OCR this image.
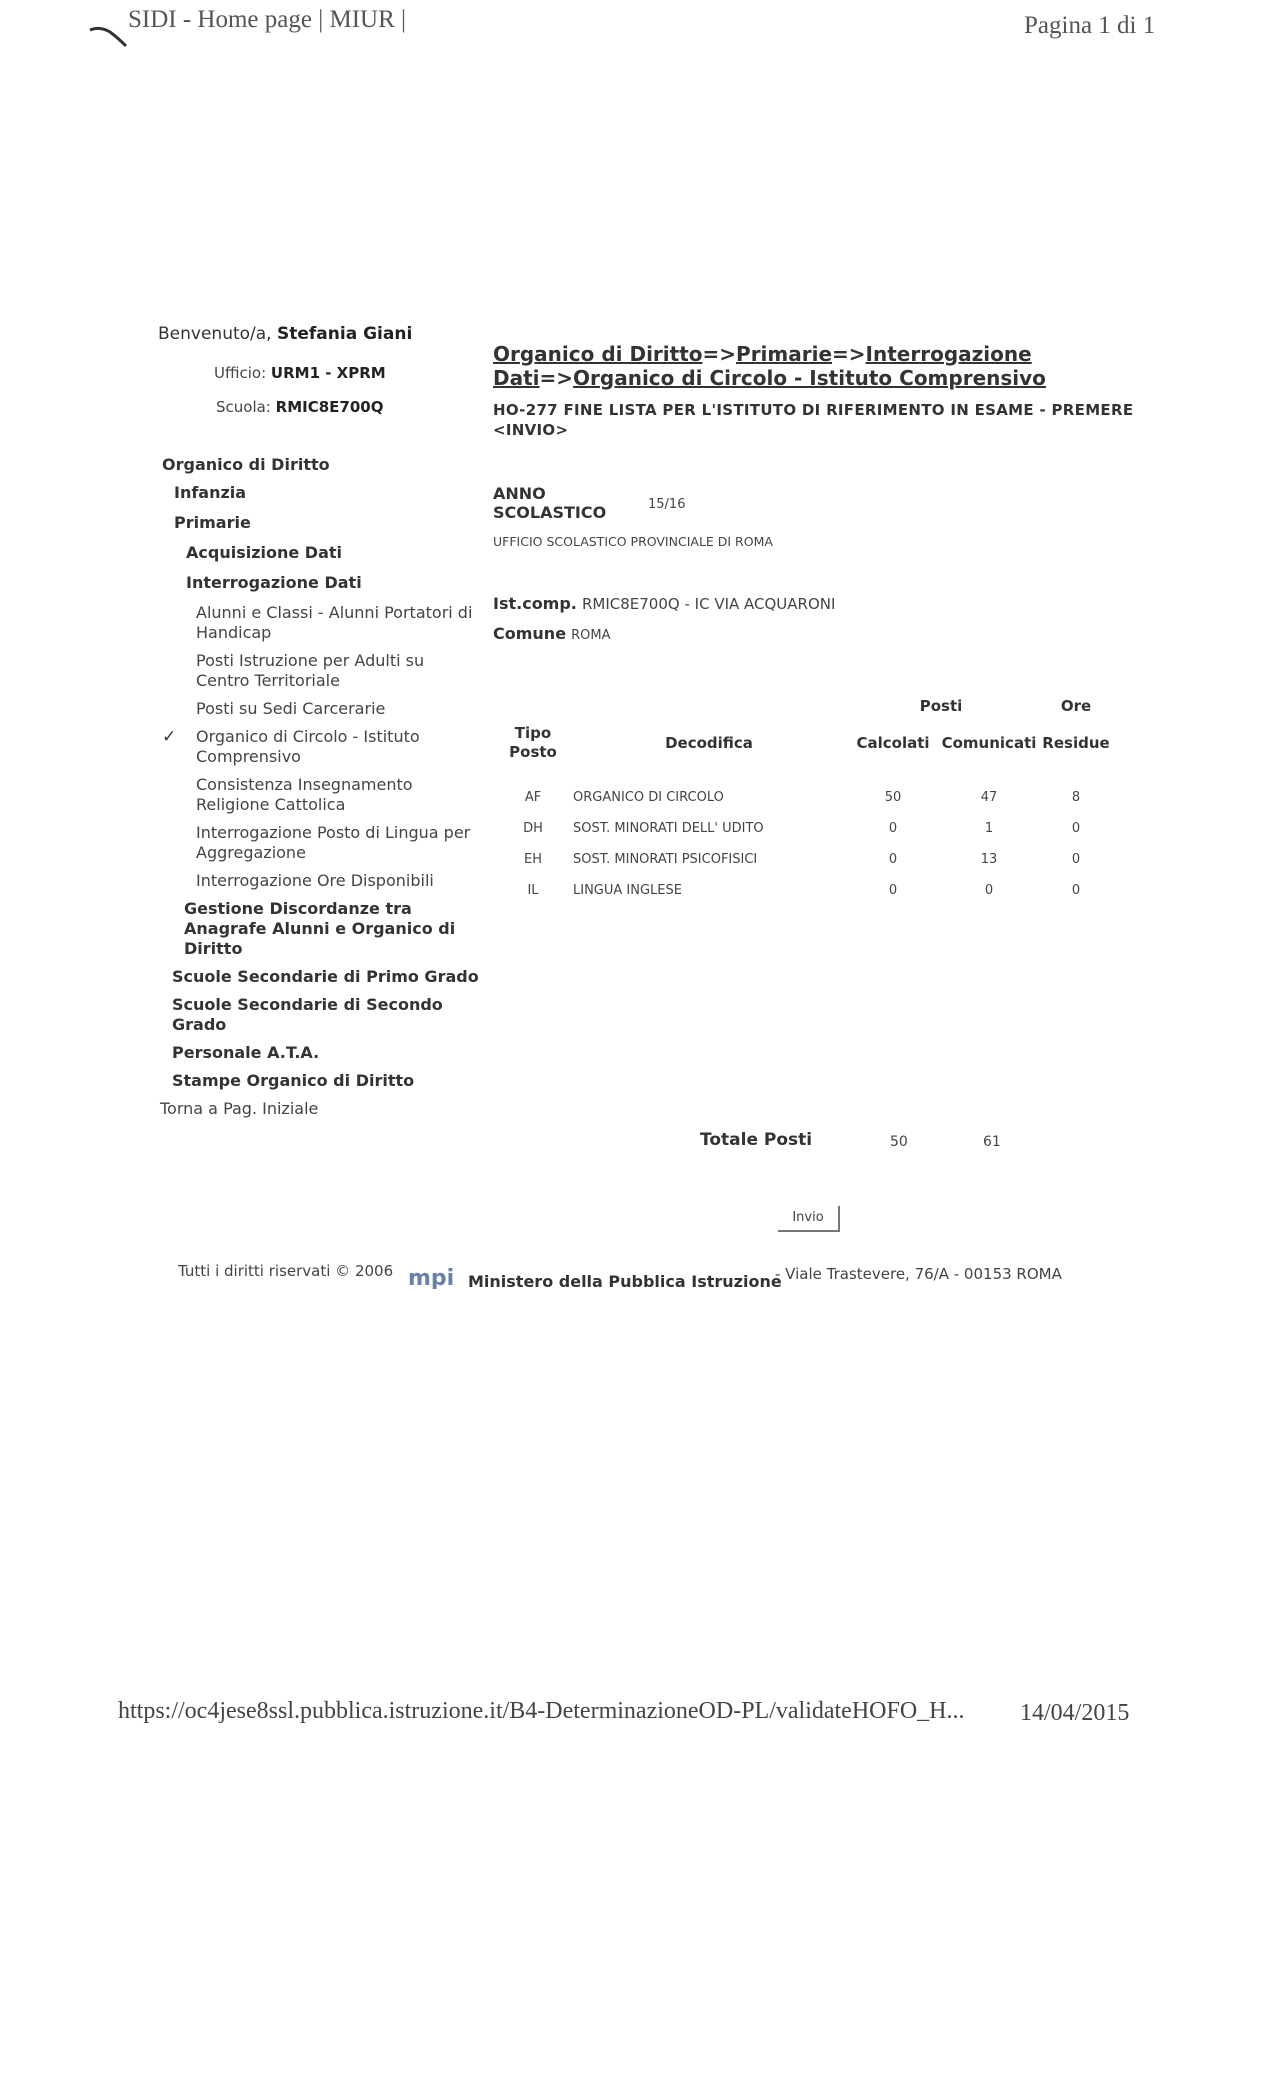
SIDI - Home page | MIUR |	Pagina 1 di 1
Benvenuto/a, Stefania Giani
Ufficio: URM1 - XPRM
Scuola: RMIC8E700Q
Organico di Diritto
Infanzia
Primarie
Acquisizione Dati
Interrogazione Dati
Alunni e Classi - Alunni Portatori di Handicap
Posti Istruzione per Adulti su Centro Territoriale
Posti su Sedi Carcerarie
✓ Organico di Circolo - Istituto Comprensivo
Consistenza Insegnamento Religione Cattolica
Interrogazione Posto di Lingua per Aggregazione
Interrogazione Ore Disponibili
Gestione Discordanze tra Anagrafe Alunni e Organico di Diritto
Scuole Secondarie di Primo Grado
Scuole Secondarie di Secondo Grado
Personale A.T.A.
Stampe Organico di Diritto
Torna a Pag. Iniziale
Organico di Diritto=>Primarie=>Interrogazione Dati=>Organico di Circolo - Istituto Comprensivo
HO-277 FINE LISTA PER L'ISTITUTO DI RIFERIMENTO IN ESAME - PREMERE <INVIO>
ANNO
SCOLASTICO	15/16
UFFICIO SCOLASTICO PROVINCIALE DI ROMA
Ist.comp. RMIC8E700Q - IC VIA ACQUARONI
Comune ROMA
		Posti		Ore
Tipo Posto	Decodifica	Calcolati	Comunicati	Residue

AF	ORGANICO DI CIRCOLO	50	47	8
DH	SOST. MINORATI DELL' UDITO	0	1	0
EH	SOST. MINORATI PSICOFISICI	0	13	0
IL	LINGUA INGLESE	0	0	0
Totale Posti	50	61
Invio
Tutti i diritti riservati © 2006 mpi Ministero della Pubblica Istruzione
- Viale Trastevere, 76/A - 00153 ROMA
https://oc4jese8ssl.pubblica.istruzione.it/B4-DeterminazioneOD-PL/validateHOFO_H... 14/04/2015
